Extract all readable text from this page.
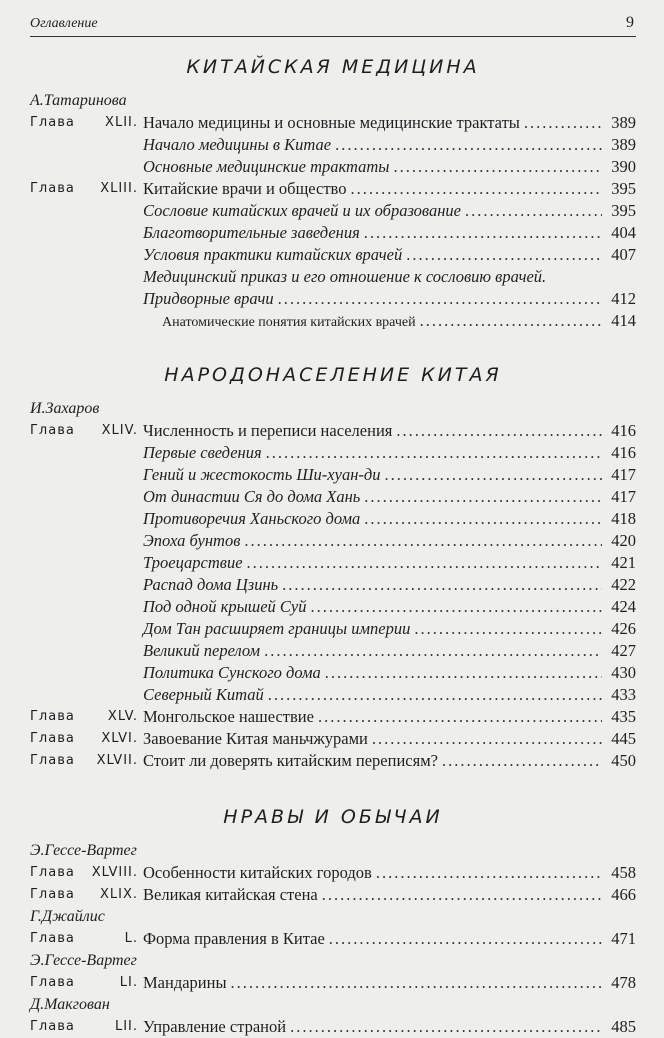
Оглавление	9
КИТАЙСКАЯ МЕДИЦИНА
А.Татаринова
Глава	XLII. Начало медицины и основные медицинские трактаты .....	389
Начало медицины в Китае .....	389
Основные медицинские трактаты .....	390
Глава	XLIII. Китайские врачи и общество .....	395
Сословие китайских врачей и их образование .....	395
Благотворительные заведения .....	404
Условия практики китайских врачей .....	407
Медицинский приказ и его отношение к сословию врачей.
Придворные врачи .....	412
Анатомические понятия китайских врачей .....	414
НАРОДОНАСЕЛЕНИЕ КИТАЯ
И.Захаров
Глава	XLIV. Численность и переписи населения .....	416
Первые сведения .....	416
Гений и жестокость Ши-хуан-ди .....	417
От династии Ся до дома Хань .....	417
Противоречия Ханьского дома .....	418
Эпоха бунтов .....	420
Троецарствие .....	421
Распад дома Цзинь .....	422
Под одной крышей Суй .....	424
Дом Тан расширяет границы империи .....	426
Великий перелом .....	427
Политика Сунского дома .....	430
Северный Китай .....	433
Глава	XLV. Монгольское нашествие .....	435
Глава	XLVI. Завоевание Китая маньчжурами .....	445
Глава	XLVII. Стоит ли доверять китайским переписям? .....	450
НРАВЫ И ОБЫЧАИ
Э.Гессе-Вартег
Глава XLVIII. Особенности китайских городов .....	458
Глава	XLIX. Великая китайская стена .....	466
Г.Джайлис
Глава	L. Форма правления в Китае .....	471
Э.Гессе-Вартег
Глава	LI. Мандарины .....	478
Д.Макгован
Глава	LII. Управление страной .....	485
